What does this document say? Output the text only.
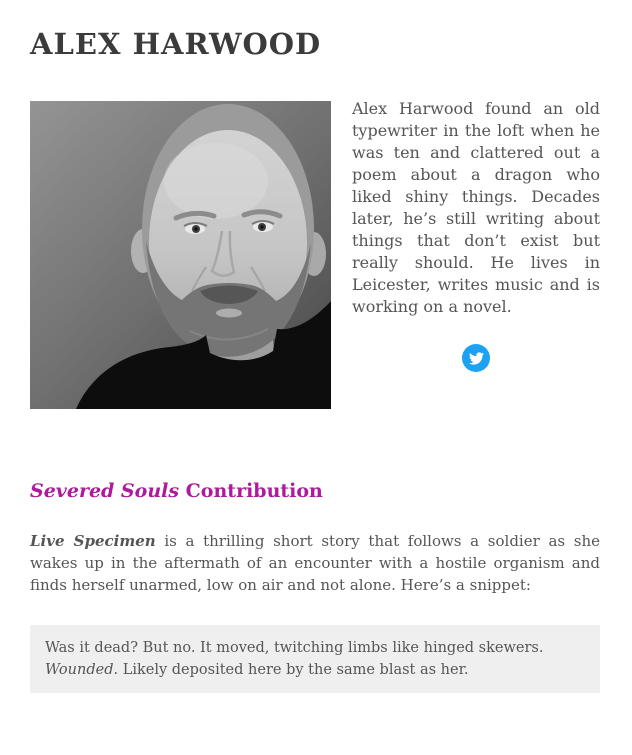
ALEX HARWOOD

Alex Harwood found an old typewriter in the loft when he was ten and clattered out a poem about a dragon who liked shiny things. Decades later, he’s still writing about things that don’t exist but really should. He lives in Leicester, writes music and is working on a novel.

Severed Souls Contribution

Live Specimen is a thrilling short story that follows a soldier as she wakes up in the aftermath of an encounter with a hostile organism and finds herself unarmed, low on air and not alone. Here’s a snippet:

Was it dead? But no. It moved, twitching limbs like hinged skewers. Wounded. Likely deposited here by the same blast as her.
